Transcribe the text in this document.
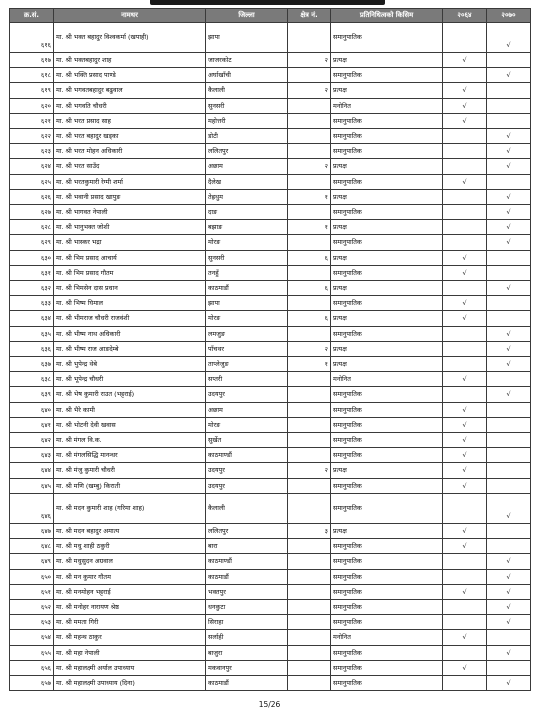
क्र.सं.	नामथर	जिल्ला	क्षेत्र नं.	प्रतिनिधित्वको किसिम	२०६४	२०७०
६१६	मा. श्री भक्त बहादुर विश्वकर्मा (खपाही)	झापा		समानुपातिक		√
६१७	मा. श्री भक्तबहादुर शाह	जाजरकोट	२	प्रत्यक्ष	√	
६१८	मा. श्री भक्ति प्रसाद पाण्डे	अर्घाखाँची		समानुपातिक		√
६१९	मा. श्री भगवतबहादुर बढुवाल	कैलाली	२	प्रत्यक्ष	√	
६२०	मा. श्री भगवति चौधरी	सुनसरी		मनोनित	√	
६२१	मा. श्री भरत प्रसाद साह	महोत्तरी		समानुपातिक	√	
६२२	मा. श्री भरत बहादुर खड्का	डोटी		समानुपातिक		√
६२३	मा. श्री भरत मोहन अधिकारी	ललितपुर		समानुपातिक		√
६२४	मा. श्री भरत साउँद	अछाम	२	प्रत्यक्ष		√
६२५	मा. श्री भरतकुमारी रेग्मी शर्मा	दैलेख		समानुपातिक	√	
६२६	मा. श्री भवानी प्रसाद खापुङ	तेह्रथुम	१	प्रत्यक्ष		√
६२७	मा. श्री भागवत नेपाली	दाङ		समानुपातिक		√
६२८	मा. श्री भानुभक्त जोशी	बझाङ	१	प्रत्यक्ष		√
६२९	मा. श्री भास्कर भद्रा	मोरङ		समानुपातिक		√
६३०	मा. श्री भिम प्रसाद आचार्य	सुनसरी	६	प्रत्यक्ष	√	
६३१	मा. श्री भिम प्रसाद गौतम	तनहुँ		समानुपातिक	√	
६३२	मा. श्री भिमसेन दास प्रधान	काठमाडौं	६	प्रत्यक्ष		√
६३३	मा. श्री भिष्म घिमाल	झापा		समानुपातिक	√	
६३४	मा. श्री भीमराज चौधरी राजवंशी	मोरङ	६	प्रत्यक्ष	√	
६३५	मा. श्री भीष्म नाथ अधिकारी	लमजुङ		समानुपातिक		√
६३६	मा. श्री भीष्म राज आङदेम्बे	पाँचथर	२	प्रत्यक्ष		√
६३७	मा. श्री भुपेन्द्र थेबे	ताप्लेजुङ	१	प्रत्यक्ष		√
६३८	मा. श्री भूपेन्द्र चौधरी	सप्तरी		मनोनित	√	
६३९	मा. श्री भेष कुमारी राउत (भट्टराई)	उदयपुर		समानुपातिक		√
६४०	मा. श्री भैरे कामी	अछाम		समानुपातिक	√	
६४१	मा. श्री भोटनी देवी खवास	मोरङ		समानुपातिक	√	
६४२	मा. श्री मंगल वि.क.	सुर्खेत		समानुपातिक	√	
६४३	मा. श्री मंगलसिद्धि मानन्धर	काठमाण्डौं		समानुपातिक	√	
६४४	मा. श्री मंजु कुमारी चौधरी	उदयपुर	२	प्रत्यक्ष	√	
६४५	मा. श्री मणि (खम्बु) किराती	उदयपुर		समानुपातिक	√	
६४६	मा. श्री मदन कुमारी शाह (गरिमा शाह)	कैलाली		समानुपातिक		√
६४७	मा. श्री मदन बहादुर अमात्य	ललितपुर	३	प्रत्यक्ष	√	
६४८	मा. श्री मधु शाही ठकुरी	बारा		समानुपातिक	√	
६४९	मा. श्री मधुसुदन अग्रवाल	काठमाण्डौं		समानुपातिक		√
६५०	मा. श्री मन कुमार गौतम	काठमाडौं		समानुपातिक		√
६५१	मा. श्री मनमोहन भट्टराई	भक्तपुर		समानुपातिक	√	√
६५२	मा. श्री मनोहर नारायण श्रेष्ठ	धनकुटा		समानुपातिक		√
६५३	मा. श्री ममता गिरी	सिराहा		समानुपातिक		√
६५४	मा. श्री महन्थ ठाकुर	सर्लाही		मनोनित	√	
६५५	मा. श्री महा नेपाली	बाजुरा		समानुपातिक		√
६५६	मा. श्री महालक्ष्मी अर्याल उपाध्याय	मकवानपुर		समानुपातिक	√	
६५७	मा. श्री महालक्ष्मी उपाध्याय (दिना)	काठमाडौं		समानुपातिक		√
15/26
